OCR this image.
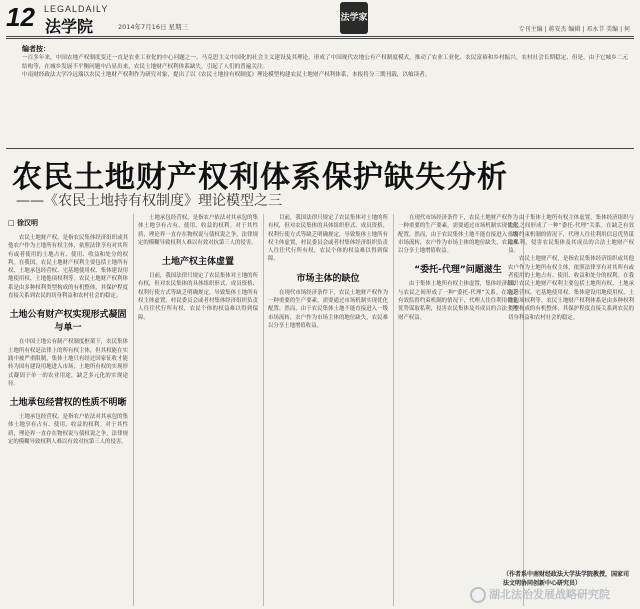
12 LEGALDAILY
法学院	2014年7月16日 星期三
法学家
专刊主编 | 蒋安杰 编辑 | 邓永节 美编 | 何
编者按：
一百多年来，中国农地产权制度变迁一直是农业工业化的中心问题之一。马克思主义中国化的社会主义建设及其理论，形成了中国现代农地公有产权制度模式，推动了农业工业化、农民富裕和乡村振兴。农村社会长期稳定，但是，由于它城乡二元结构等，在城乡发展不平衡问题中凸显出来，农民土地财产权利体系缺失，引起了人们的普遍关注。
中南财经政法大学冷远瑞以农民土地财产权利作为研究对象，提出了以《农民土地持有权制度》理论模型构建农民土地财产权利体系，本报将分三期刊载，以飨读者。
农民土地财产权利体系保护缺失分析
——《农民土地持有权制度》理论模型之三
□ 徐汉明

农民土地财产权，是指农民集体经济组织或其他农户作为土地所有权主体，依照法律享有对其所有或者使用的土地占有、使用、收益和处分的权利。在我国，农民土地财产权利主要包括土地所有权、土地承包经营权、宅基地使用权、集体建设用地使用权、土地他项权利等。农民土地财产权利体系是由多种权利类型构成的有机整体，其保护程度直接关系到农民的切身利益和农村社会的稳定。

土地公有财产权实现形式凝固与单一

在中国土地公有制产权制度框架下，农民集体土地所有权是法律上的所有权主体，但其权能在实践中被严重限制，集体土地只有经过国家征收才能转为国有建设用地进入市场，土地所有权的实现形式凝固于单一的农业用途，缺乏多元化的实现途径。

土地承包经营权的性质不明晰

土地承包经营权，是指农户依法对其承包的集体土地享有占有、使用、收益的权利。对于其性质，理论界一直存在物权说与债权说之争，法律规定的模糊导致权利人难以有效对抗第三人的侵害。

土地承包经营权，是指农户依法对其承包的集体土地享有占有、使用、收益的权利。对于其性质，理论界一直存在物权说与债权说之争，法律规定的模糊导致权利人难以有效对抗第三人的侵害。

土地产权主体虚置

目前，我国法律只规定了农民集体对土地的所有权，但对农民集体的具体组织形式、成员资格、权利行使方式等缺乏明确规定，导致集体土地所有权主体虚置，村民委员会或者村集体经济组织负责人往往代行所有权，农民个体的权益难以得到保障。

目前，我国法律只规定了农民集体对土地的所有权，但对农民集体的具体组织形式、成员资格、权利行使方式等缺乏明确规定，导致集体土地所有权主体虚置，村民委员会或者村集体经济组织负责人往往代行所有权，农民个体的权益难以得到保障。

市场主体的缺位

在现代市场经济条件下，农民土地财产权作为一种重要的生产要素，需要通过市场机制实现优化配置。然而，由于农民集体土地不能直接进入一级市场流转，农户作为市场主体的地位缺失，农民难以分享土地增值收益。

在现代市场经济条件下，农民土地财产权作为一种重要的生产要素，需要通过市场机制实现优化配置。然而，由于农民集体土地不能直接进入一级市场流转，农户作为市场主体的地位缺失，农民难以分享土地增值收益。

“委托-代理”问题滋生

由于集体土地所有权主体虚置，集体经济组织与农民之间形成了一种“委托-代理”关系。在缺乏有效监督约束机制的情况下，代理人往往利用信息优势谋取私利，侵害农民集体及其成员的合法土地财产权益。

由于集体土地所有权主体虚置，集体经济组织与农民之间形成了一种“委托-代理”关系。在缺乏有效监督约束机制的情况下，代理人往往利用信息优势谋取私利，侵害农民集体及其成员的合法土地财产权益。

农民土地财产权，是指农民集体经济组织或其他农户作为土地所有权主体，依照法律享有对其所有或者使用的土地占有、使用、收益和处分的权利。在我国，农民土地财产权利主要包括土地所有权、土地承包经营权、宅基地使用权、集体建设用地使用权、土地他项权利等。农民土地财产权利体系是由多种权利类型构成的有机整体，其保护程度直接关系到农民的切身利益和农村社会的稳定。

（作者系中南财经政法大学法学院教授，国家司法文明协同创新中心研究员）
湖北法治发展战略研究院
